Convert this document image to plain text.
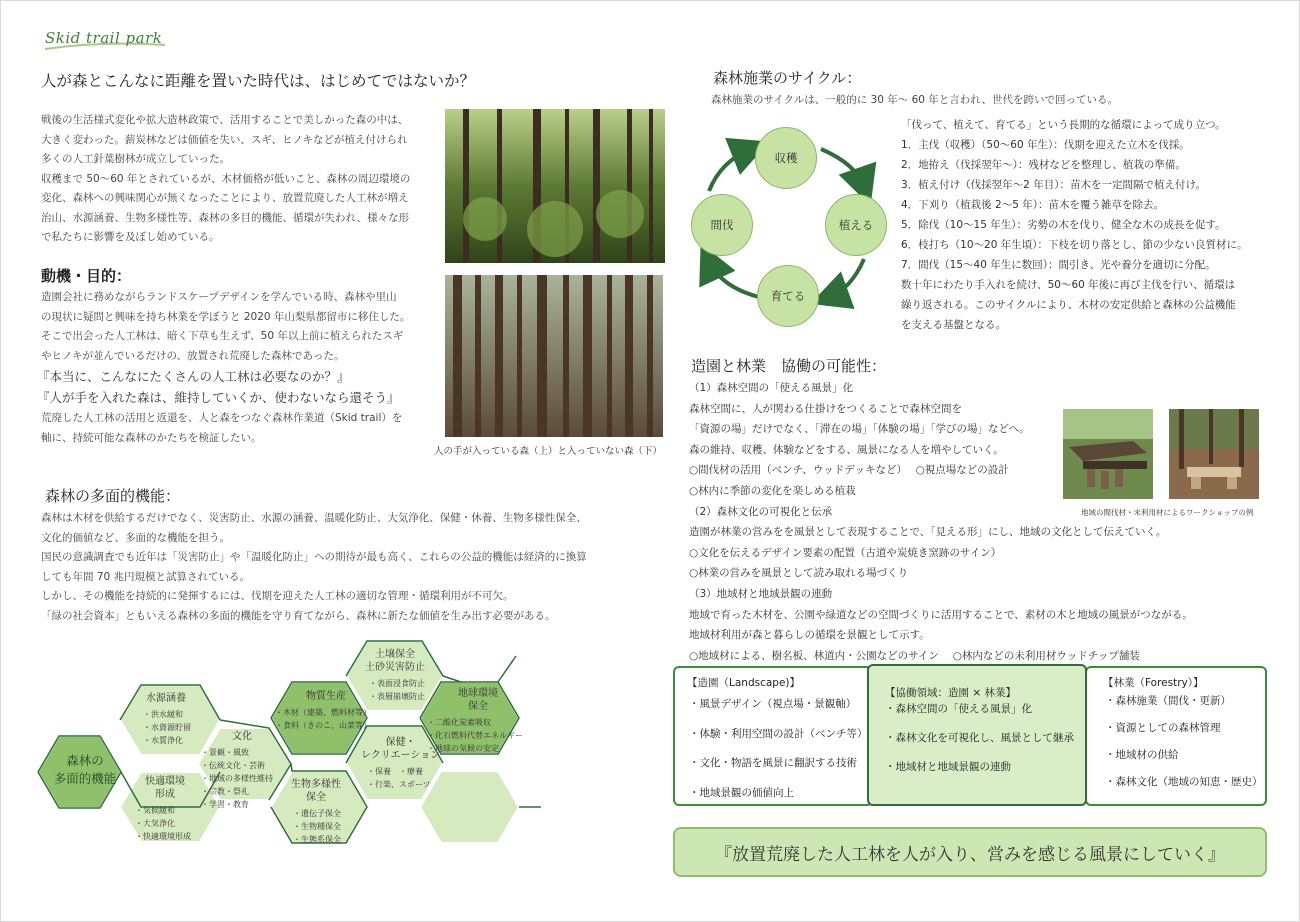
Skid trail park
人が森とこんなに距離を置いた時代は、はじめてではないか？

戦後の生活様式変化や拡大造林政策で、活用することで美しかった森の中は、

大きく変わった。薪炭林などは価値を失い、スギ、ヒノキなどが植え付けられ

多くの人工針葉樹林が成立していった。

収穫まで 50〜60 年とされているが、木材価格が低いこと、森林の周辺環境の

変化、森林への興味関心が無くなったことにより、放置荒廃した人工林が増え

治山、水源涵養、生物多様性等、森林の多目的機能、循環が失われ、様々な形

で私たちに影響を及ぼし始めている。

動機・目的：

造園会社に務めながらランドスケープデザインを学んでいる時、森林や里山

の現状に疑問と興味を持ち林業を学ぼうと 2020 年山梨県都留市に移住した。

そこで出会った人工林は、暗く下草も生えず、50 年以上前に植えられたスギ

やヒノキが並んでいるだけの、放置され荒廃した森林であった。

『本当に、こんなにたくさんの人工林は必要なのか？』

『人が手を入れた森は、維持していくか、使わないなら還そう』

荒廃した人工林の活用と返還を、人と森をつなぐ森林作業道（Skid trail）を

軸に、持続可能な森林のかたちを検証したい。

人の手が入っている森（上）と入っていない森（下）
森林の多面的機能：

森林は木材を供給するだけでなく、災害防止、水源の涵養、温暖化防止、大気浄化、保健・休養、生物多様性保全、

文化的価値など、多面的な機能を担う。

国民の意識調査でも近年は「災害防止」や「温暖化防止」への期待が最も高く、これらの公益的機能は経済的に換算

しても年間 70 兆円規模と試算されている。

しかし、その機能を持続的に発揮するには、伐期を迎えた人工林の適切な管理・循環利用が不可欠。

「緑の社会資本」ともいえる森林の多面的機能を守り育てながら、森林に新たな価値を生み出す必要がある。

森林の
多面的機能
水源涵養
・洪水緩和
・水資源貯留
・水質浄化
快適環境
形成
・気候緩和
・大気浄化
・快適環境形成
文化
・景観・風致
・伝統文化・芸術
・地域の多様性維持
・宗教・祭礼
・学習・教育
物質生産
・木材（建築、燃料材等）
・食料（きのこ、山菜等）
生物多様性
保全
・遺伝子保全
・生物種保全
・生態系保全
土壌保全
土砂災害防止
・表面浸食防止
・表層崩壊防止
保健・
レクリエーション
・保養　・療養
・行楽、スポーツ
地球環境
保全
・二酸化炭素吸収
・化石燃料代替エネルギー
・地球の気候の安定
森林施業のサイクル：
森林施業のサイクルは、一般的に 30 年〜 60 年と言われ、世代を跨いで回っている。
収穫
植える
育てる
間伐

「伐って、植えて、育てる」という長期的な循環によって成り立つ。

1．主伐（収穫）（50〜60 年生）：伐期を迎えた立木を伐採。

2．地拵え（伐採翌年〜）：残材などを整理し、植栽の準備。

3．植え付け（伐採翌年〜2 年目）：苗木を一定間隔で植え付け。

4．下刈り（植栽後 2〜5 年）：苗木を覆う雑草を除去。

5．除伐（10〜15 年生）：劣勢の木を伐り、健全な木の成長を促す。

6．枝打ち（10〜20 年生頃）：下枝を切り落とし、節の少ない良質材に。

7．間伐（15〜40 年生に数回）：間引き、光や養分を適切に分配。

数十年にわたり手入れを続け、50〜60 年後に再び主伐を行い、循環は

繰り返される。このサイクルにより、木材の安定供給と森林の公益機能

を支える基盤となる。

造園と林業　協働の可能性：

（1）森林空間の「使える風景」化

森林空間に、人が関わる仕掛けをつくることで森林空間を

「資源の場」だけでなく、「滞在の場」「体験の場」「学びの場」などへ。

森の維持、収穫、体験などをする、風景になる人を増やしていく。

○間伐材の活用（ベンチ、ウッドデッキなど）　 ○視点場などの設計

○林内に季節の変化を楽しめる植栽

（2）森林文化の可視化と伝承

造園が林業の営みをを風景として表現することで、「見える形」にし、地域の文化として伝えていく。

○文化を伝えるデザイン要素の配置（古道や炭焼き窯跡のサイン）

○林業の営みを風景として読み取れる場づくり

（3）地域材と地域景観の連動

地域で育った木材を、公園や緑道などの空間づくりに活用することで、素材の木と地域の風景がつながる。

地域材利用が森と暮らしの循環を景観として示す。

○地域材による、樹名板、林道内・公園などのサイン　 ○林内などの未利用材ウッドチップ舗装

地域の間伐材・未利用材によるワークショップの例
【造園（Landscape)】

・風景デザイン（視点場・景観軸）

・体験・利用空間の設計（ベンチ等）

・文化・物語を風景に翻訳する技術

・地域景観の価値向上

【林業（Forestry）】

・森林施業（間伐・更新）

・資源としての森林管理

・地域材の供給

・森林文化（地域の知恵・歴史）

【協働領域：造園 × 林業】

・森林空間の「使える風景」化

・森林文化を可視化し、風景として継承

・地域材と地域景観の連動

『放置荒廃した人工林を人が入り、営みを感じる風景にしていく』
